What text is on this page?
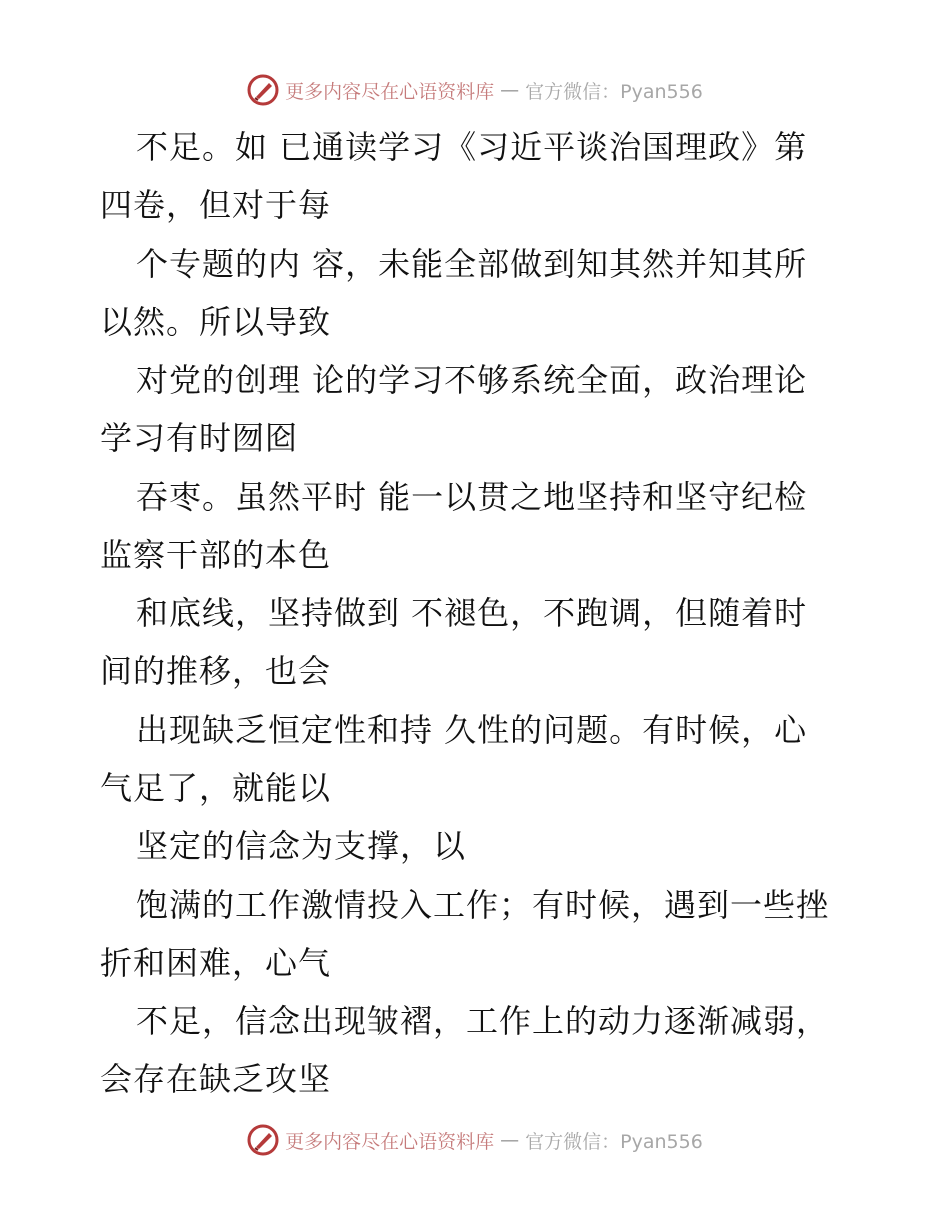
更多内容尽在心语资料库 — 官方微信：Pyan556
不足。如 已通读学习《习近平谈治国理政》第
四卷，但对于每
个专题的内 容，未能全部做到知其然并知其所
以然。所以导致
对党的创理 论的学习不够系统全面，政治理论
学习有时囫囵
吞枣。虽然平时 能一以贯之地坚持和坚守纪检
监察干部的本色
和底线，坚持做到 不褪色，不跑调，但随着时
间的推移，也会
出现缺乏恒定性和持 久性的问题。有时候，心
气足了，就能以
坚定的信念为支撑，以
饱满的工作激情投入工作；有时候，遇到一些挫
折和困难，心气
不足，信念出现皱褶，工作上的动力逐渐减弱，
会存在缺乏攻坚
更多内容尽在心语资料库 — 官方微信：Pyan556
